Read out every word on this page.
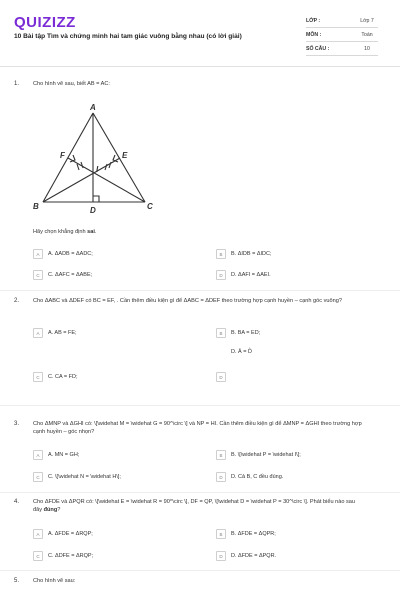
QUIZIZZ
10 Bài tập Tìm và chứng minh hai tam giác vuông bằng nhau (có lời giải)
LỚP :	Lớp 7
MÔN :	Toán
SỐ CÂU :	10
1. Cho hình vẽ sau, biết AB = AC:
A
B	C
D
E
F
I
Hãy chọn khẳng định sai.
A	A. ΔADB = ΔADC;	B	B. ΔIDB = ΔIDC;
C	C. ΔAFC = ΔABE;	D	D. ΔAFI = ΔAEI.
2. Cho ΔABC và ΔDEF có BC = EF, . Cần thêm điều kiện gì để ΔABC = ΔDEF theo trường hợp cạnh huyền – cạnh góc vuông?
A	A. AB = FE;	B	B. BA = ED;
D. Â = D̂
C	C. CA = FD;	D
3. Cho ΔMNP và ΔGHI có: \[\widehat M = \widehat G = 90^\circ \] và NP = HI. Cần thêm điều kiện gì để ΔMNP = ΔGHI theo trường hợp cạnh huyền – góc nhọn?
A	A. MN = GH;	B	B. \[\widehat P = \widehat I\];
C	C. \[\widehat N = \widehat H\];	D	D. Cả B, C đều đúng.
4. Cho ΔFDE và ΔPQR có: \[\widehat E = \widehat R = 90^\circ \], DF = QP, \[\widehat D = \widehat P = 30^\circ \]. Phát biểu nào sau đây đúng?
A	A. ΔFDE = ΔRQP;	B	B. ΔFDE = ΔQPR;
C	C. ΔDFE = ΔRQP;	D	D. ΔFDE = ΔPQR.
5. Cho hình vẽ sau:
